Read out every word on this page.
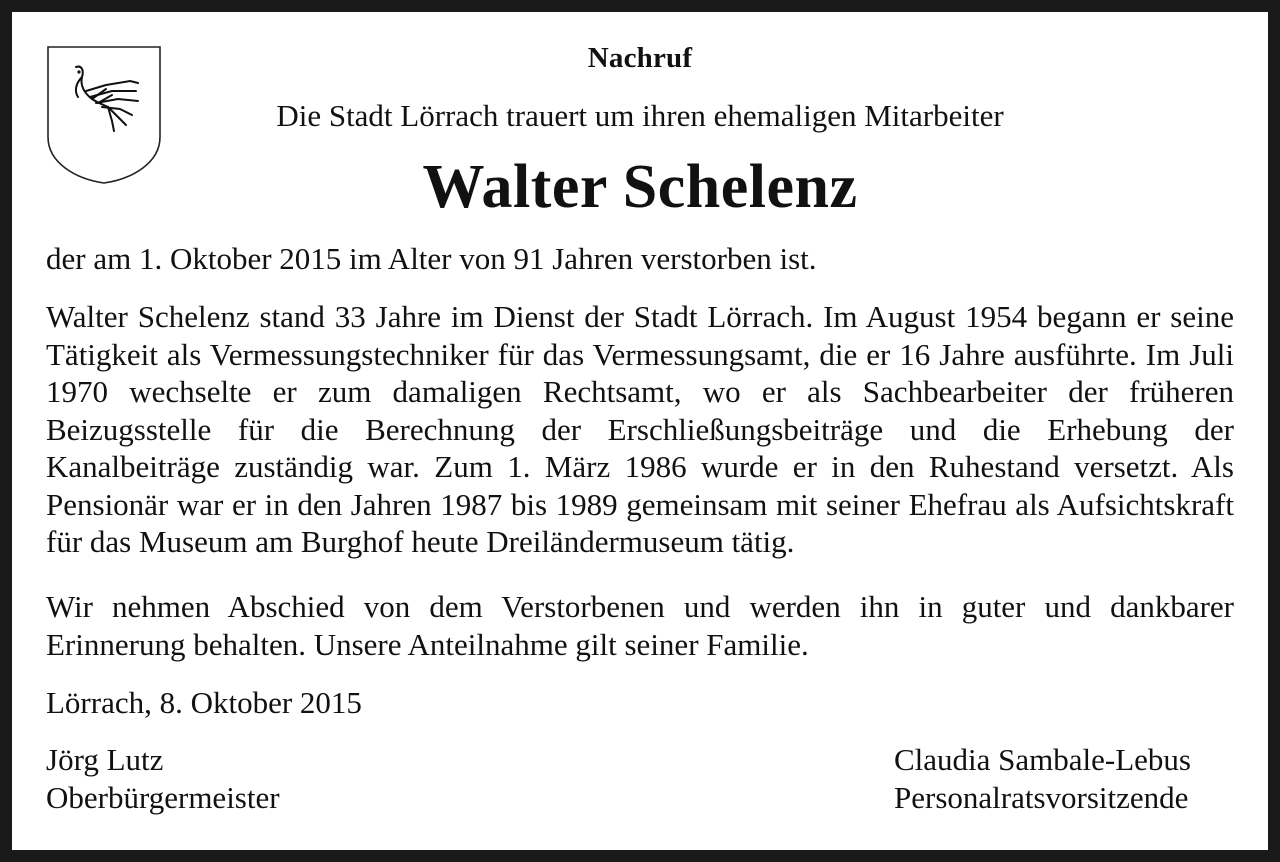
Nachruf
Die Stadt Lörrach trauert um ihren ehemaligen Mitarbeiter
Walter Schelenz
der am 1. Oktober 2015 im Alter von 91 Jahren verstorben ist.
Walter Schelenz stand 33 Jahre im Dienst der Stadt Lörrach. Im August 1954 begann er seine Tätigkeit als Vermessungstechniker für das Vermessungsamt, die er 16 Jahre ausführte. Im Juli 1970 wechselte er zum damaligen Rechtsamt, wo er als Sachbearbeiter der früheren Beizugsstelle für die Berechnung der Erschließungsbeiträge und die Erhebung der Kanalbeiträge zuständig war. Zum 1. März 1986 wurde er in den Ruhestand versetzt. Als Pensionär war er in den Jahren 1987 bis 1989 gemeinsam mit seiner Ehefrau als Aufsichtskraft für das Museum am Burghof heute Dreiländermuseum tätig.
Wir nehmen Abschied von dem Verstorbenen und werden ihn in guter und dankbarer Erinnerung behalten. Unsere Anteilnahme gilt seiner Familie.
Lörrach, 8. Oktober 2015
Jörg Lutz
Oberbürgermeister
Claudia Sambale-Lebus
Personalratsvorsitzende
